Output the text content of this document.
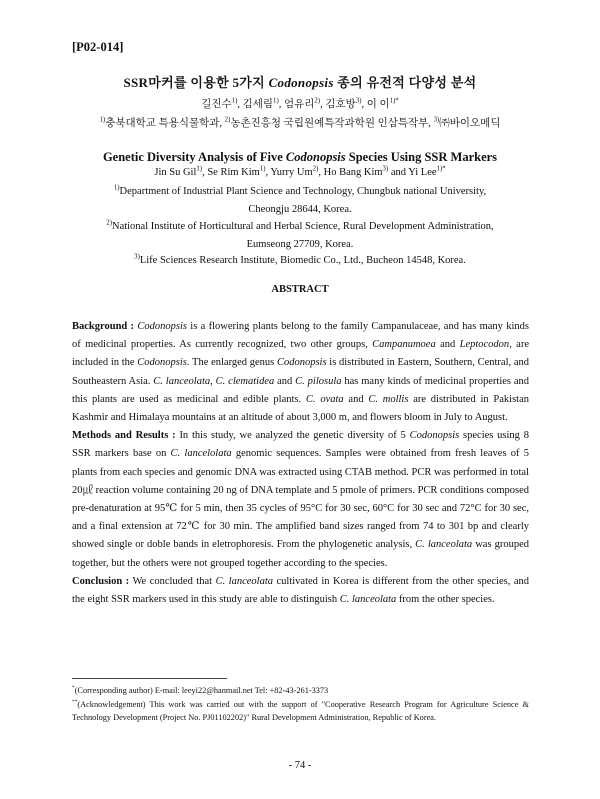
[P02-014]
SSR마커를 이용한 5가지 Codonopsis 종의 유전적 다양성 분석
길진수$^{1)}$, 김세림$^{1)}$, 엄유리$^{2)}$, 김호방$^{3)}$, 이 이$^{1)*}$
$^{1)}$충북대학교 특용식물학과, $^{2)}$농촌진흥청 국립원예특작과학원 인삼특작부, $^{3)}$㈜바이오메딕
Genetic Diversity Analysis of Five Codonopsis Species Using SSR Markers
Jin Su Gil$^{1)}$, Se Rim Kim$^{1)}$, Yurry Um$^{2)}$, Ho Bang Kim$^{3)}$ and Yi Lee$^{1)*}$
$^{1)}$Department of Industrial Plant Science and Technology, Chungbuk national University,
Cheongju 28644, Korea.
$^{2)}$National Institute of Horticultural and Herbal Science, Rural Development Administration,
Eumseong 27709, Korea.
$^{3)}$Life Sciences Research Institute, Biomedic Co., Ltd., Bucheon 14548, Korea.
ABSTRACT

Background : Codonopsis is a flowering plants belong to the family Campanulaceae, and has many kinds of medicinal properties. As currently recognized, two other groups, Campanumoea and Leptocodon, are included in the Codonopsis. The enlarged genus Codonopsis is distributed in Eastern, Southern, Central, and Southeastern Asia. C. lanceolata, C. clematidea and C. pilosula has many kinds of medicinal properties and this plants are used as medicinal and edible plants. C. ovata and C. mollis are distributed in Pakistan Kashmir and Himalaya mountains at an altitude of about 3,000 m, and flowers bloom in July to August.

Methods and Results : In this study, we analyzed the genetic diversity of 5 Codonopsis species using 8 SSR markers base on C. lancelolata genomic sequences. Samples were obtained from fresh leaves of 5 plants from each species and genomic DNA was extracted using CTAB method. PCR was performed in total 20㎕ reaction volume containing 20 ng of DNA template and 5 pmole of primers. PCR conditions composed pre-denaturation at 95℃ for 5 min, then 35 cycles of 95°C for 30 sec, 60°C for 30 sec and 72°C for 30 sec, and a final extension at 72℃ for 30 min. The amplified band sizes ranged from 74 to 301 bp and clearly showed single or doble bands in eletrophoresis. From the phylogenetic analysis, C. lanceolata was grouped together, but the others were not grouped together according to the species.

Conclusion : We concluded that C. lanceolata cultivated in Korea is different from the other species, and the eight SSR markers used in this study are able to distinguish C. lanceolata from the other species.

*(Corresponding author) E-mail: leeyi22@hanmail.net Tel: +82-43-261-3373

**(Acknowledgement) This work was carried out with the support of "Cooperative Research Program for Agriculture Science & Technology Development (Project No. PJ01102202)" Rural Development Administration, Republic of Korea.

- 74 -
